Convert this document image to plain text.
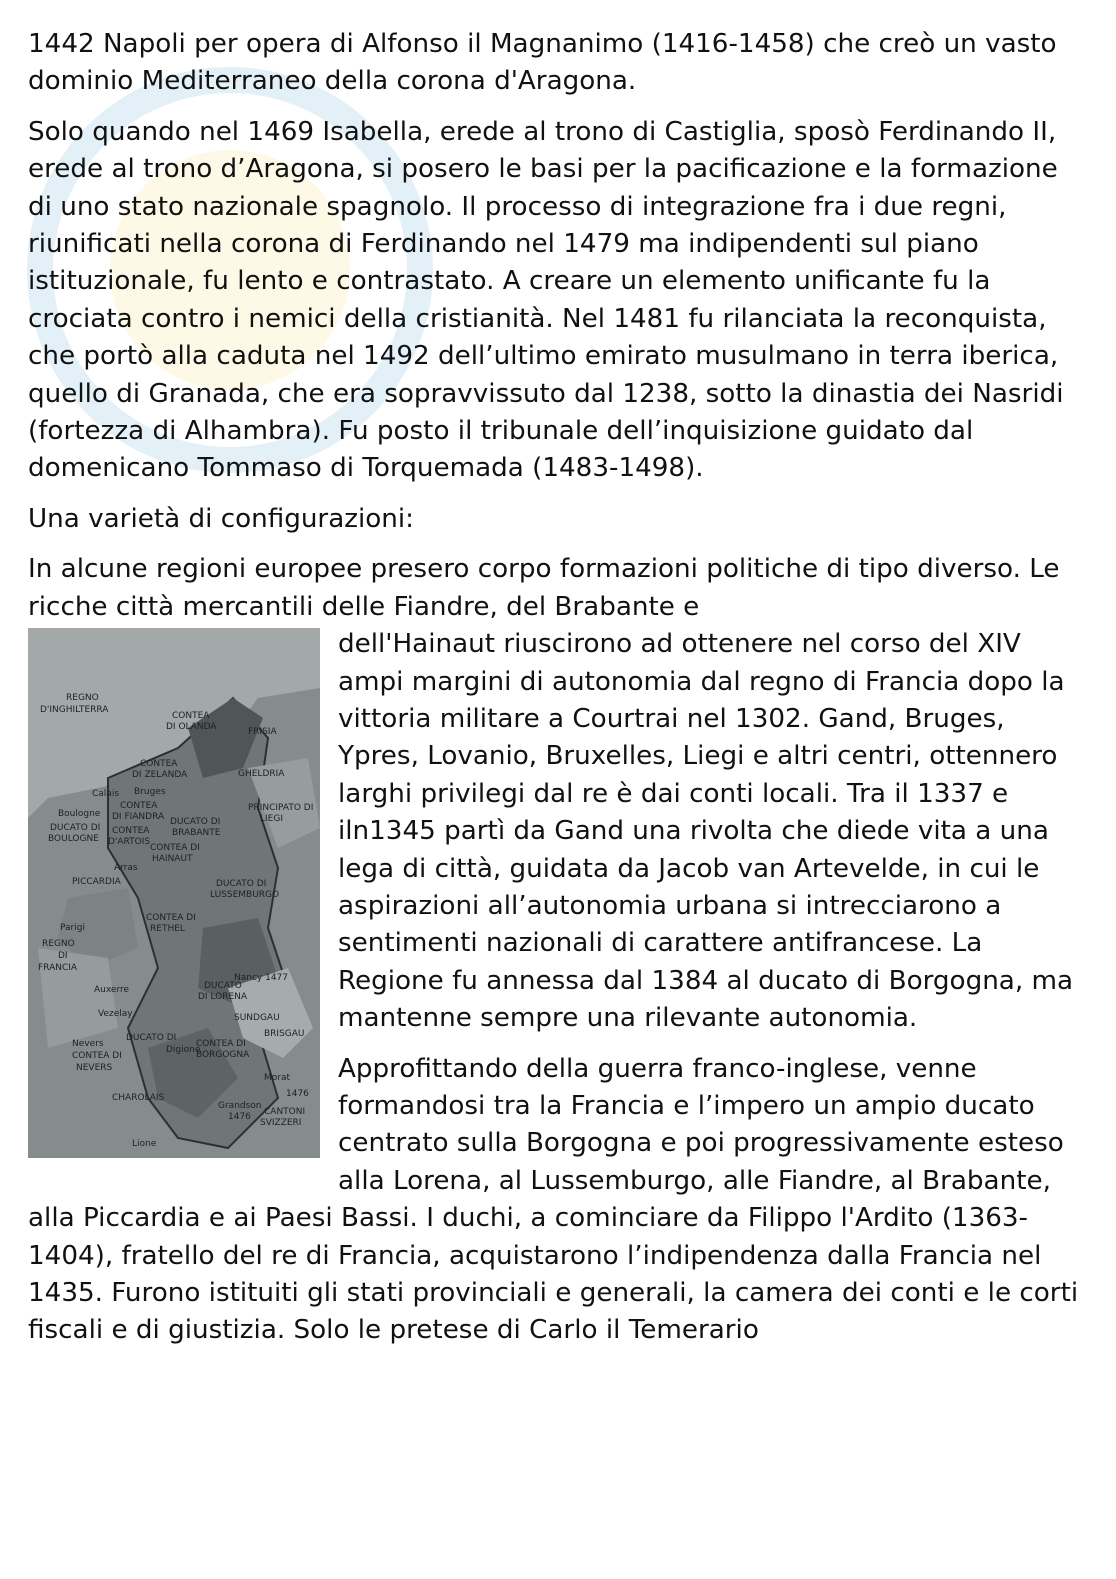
1442 Napoli per opera di Alfonso il Magnanimo (1416-1458) che creò un vasto dominio Mediterraneo della corona d'Aragona.

Solo quando nel 1469 Isabella, erede al trono di Castiglia, sposò Ferdinando II, erede al trono d’Aragona, si posero le basi per la pacificazione e la formazione di uno stato nazionale spagnolo. Il processo di integrazione fra i due regni, riunificati nella corona di Ferdinando nel 1479 ma indipendenti sul piano istituzionale, fu lento e contrastato. A creare un elemento unificante fu la crociata contro i nemici della cristianità. Nel 1481 fu rilanciata la reconquista, che portò alla caduta nel 1492 dell’ultimo emirato musulmano in terra iberica, quello di Granada, che era sopravvissuto dal 1238, sotto la dinastia dei Nasridi (fortezza di Alhambra). Fu posto il tribunale dell’inquisizione guidato dal domenicano Tommaso di Torquemada (1483-1498).

Una varietà di configurazioni:

In alcune regioni europee presero corpo formazioni politiche di tipo diverso. Le ricche città mercantili delle Fiandre, del Brabante e

REGNO
D'INGHILTERRA
CONTEA
DI OLANDA	FRISIA
CONTEA
DI ZELANDA	GHELDRIA
Calais Bruges
CONTEA
DI FIANDRA
PRINCIPATO DI
LIEGI
Boulogne
DUCATO DI
BOULOGNE
CONTEA
D'ARTOIS
DUCATO DI
BRABANTE
CONTEA DI
HAINAUT
Arras
PICCARDIA	DUCATO DI
LUSSEMBURGO
Parigi
CONTEA DI
RETHEL
REGNO
DI
FRANCIA
Auxerre	DUCATO
DI LORENA
Nancy 1477
SUNDGAU
BRISGAU
Vezelay
DUCATO DI
Digione
CONTEA DI
BORGOGNA
Nevers
CONTEA DI
NEVERS
CHAROLAIS
Morat
1476
Grandson
1476 CANTONI
SVIZZERI
Lione

dell'Hainaut riuscirono ad ottenere nel corso del XIV ampi margini di autonomia dal regno di Francia dopo la vittoria militare a Courtrai nel 1302. Gand, Bruges, Ypres, Lovanio, Bruxelles, Liegi e altri centri, ottennero larghi privilegi dal re è dai conti locali. Tra il 1337 e iln1345 partì da Gand una rivolta che diede vita a una lega di città, guidata da Jacob van Artevelde, in cui le aspirazioni all’autonomia urbana si intrecciarono a sentimenti nazionali di carattere antifrancese. La Regione fu annessa dal 1384 al ducato di Borgogna, ma mantenne sempre una rilevante autonomia.

Approfittando della guerra franco-inglese, venne formandosi tra la Francia e l’impero un ampio ducato centrato sulla Borgogna e poi progressivamente esteso alla Lorena, al Lussemburgo, alle Fiandre, al Brabante, alla Piccardia e ai Paesi Bassi. I duchi, a cominciare da Filippo l'Ardito (1363-1404), fratello del re di Francia, acquistarono l’indipendenza dalla Francia nel 1435. Furono istituiti gli stati provinciali e generali, la camera dei conti e le corti fiscali e di giustizia. Solo le pretese di Carlo il Temerario
